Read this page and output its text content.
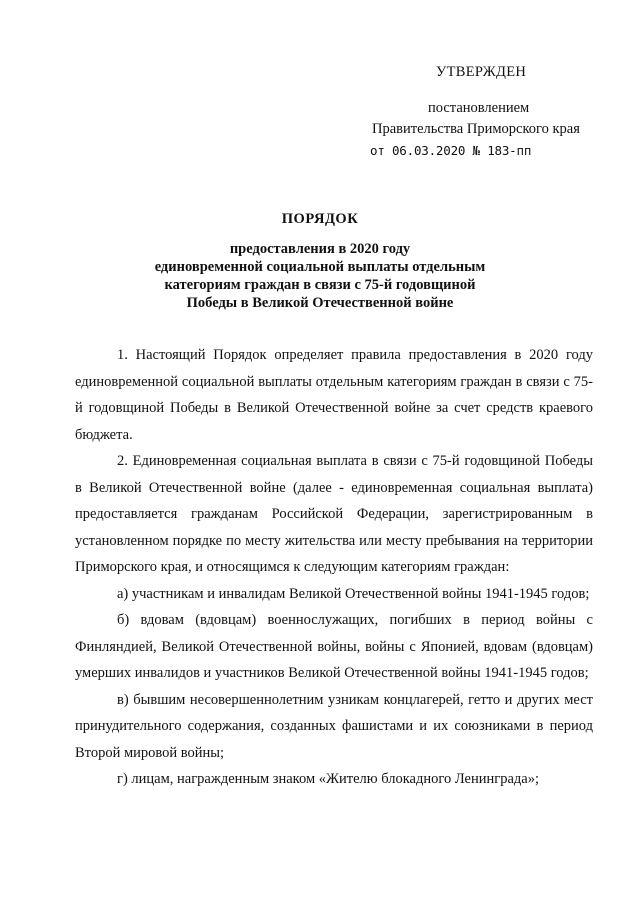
УТВЕРЖДЕН
постановлением
Правительства Приморского края
от 06.03.2020 № 183-пп
ПОРЯДОК
предоставления в 2020 году
единовременной социальной выплаты отдельным
категориям граждан в связи с 75-й годовщиной
Победы в Великой Отечественной войне

1. Настоящий Порядок определяет правила предоставления в 2020 году единовременной социальной выплаты отдельным категориям граждан в связи с 75-й годовщиной Победы в Великой Отечественной войне за счет средств краевого бюджета.

2. Единовременная социальная выплата в связи с 75-й годовщиной Победы в Великой Отечественной войне (далее - единовременная социальная выплата) предоставляется гражданам Российской Федерации, зарегистрированным в установленном порядке по месту жительства или месту пребывания на территории Приморского края, и относящимся к следующим категориям граждан:

а) участникам и инвалидам Великой Отечественной войны 1941-1945 годов;

б) вдовам (вдовцам) военнослужащих, погибших в период войны с Финляндией, Великой Отечественной войны, войны с Японией, вдовам (вдовцам) умерших инвалидов и участников Великой Отечественной войны 1941-1945 годов;

в) бывшим несовершеннолетним узникам концлагерей, гетто и других мест принудительного содержания, созданных фашистами и их союзниками в период Второй мировой войны;

г) лицам, награжденным знаком «Жителю блокадного Ленинграда»;
